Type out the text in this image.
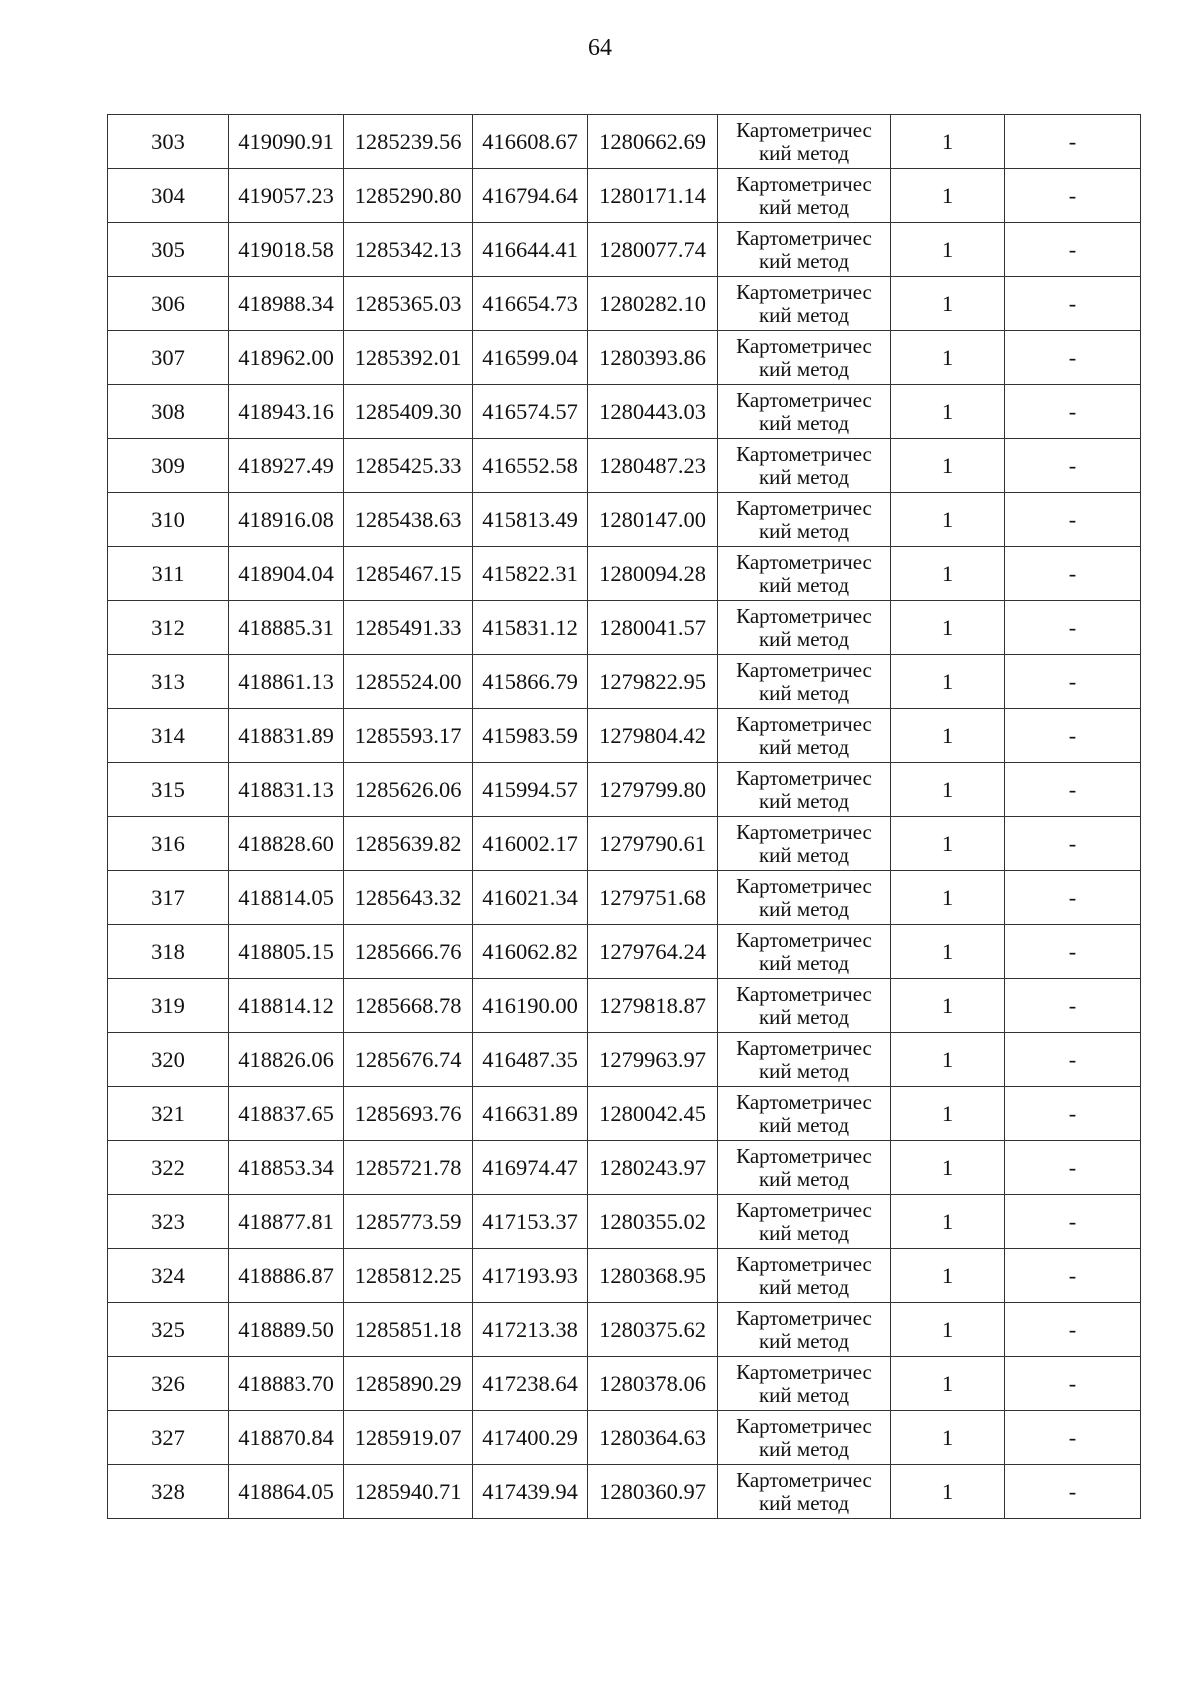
64
303	419090.91	1285239.56	416608.67	1280662.69	Картометричес
кий метод	1	-
304	419057.23	1285290.80	416794.64	1280171.14	Картометричес
кий метод	1	-
305	419018.58	1285342.13	416644.41	1280077.74	Картометричес
кий метод	1	-
306	418988.34	1285365.03	416654.73	1280282.10	Картометричес
кий метод	1	-
307	418962.00	1285392.01	416599.04	1280393.86	Картометричес
кий метод	1	-
308	418943.16	1285409.30	416574.57	1280443.03	Картометричес
кий метод	1	-
309	418927.49	1285425.33	416552.58	1280487.23	Картометричес
кий метод	1	-
310	418916.08	1285438.63	415813.49	1280147.00	Картометричес
кий метод	1	-
311	418904.04	1285467.15	415822.31	1280094.28	Картометричес
кий метод	1	-
312	418885.31	1285491.33	415831.12	1280041.57	Картометричес
кий метод	1	-
313	418861.13	1285524.00	415866.79	1279822.95	Картометричес
кий метод	1	-
314	418831.89	1285593.17	415983.59	1279804.42	Картометричес
кий метод	1	-
315	418831.13	1285626.06	415994.57	1279799.80	Картометричес
кий метод	1	-
316	418828.60	1285639.82	416002.17	1279790.61	Картометричес
кий метод	1	-
317	418814.05	1285643.32	416021.34	1279751.68	Картометричес
кий метод	1	-
318	418805.15	1285666.76	416062.82	1279764.24	Картометричес
кий метод	1	-
319	418814.12	1285668.78	416190.00	1279818.87	Картометричес
кий метод	1	-
320	418826.06	1285676.74	416487.35	1279963.97	Картометричес
кий метод	1	-
321	418837.65	1285693.76	416631.89	1280042.45	Картометричес
кий метод	1	-
322	418853.34	1285721.78	416974.47	1280243.97	Картометричес
кий метод	1	-
323	418877.81	1285773.59	417153.37	1280355.02	Картометричес
кий метод	1	-
324	418886.87	1285812.25	417193.93	1280368.95	Картометричес
кий метод	1	-
325	418889.50	1285851.18	417213.38	1280375.62	Картометричес
кий метод	1	-
326	418883.70	1285890.29	417238.64	1280378.06	Картометричес
кий метод	1	-
327	418870.84	1285919.07	417400.29	1280364.63	Картометричес
кий метод	1	-
328	418864.05	1285940.71	417439.94	1280360.97	Картометричес
кий метод	1	-
